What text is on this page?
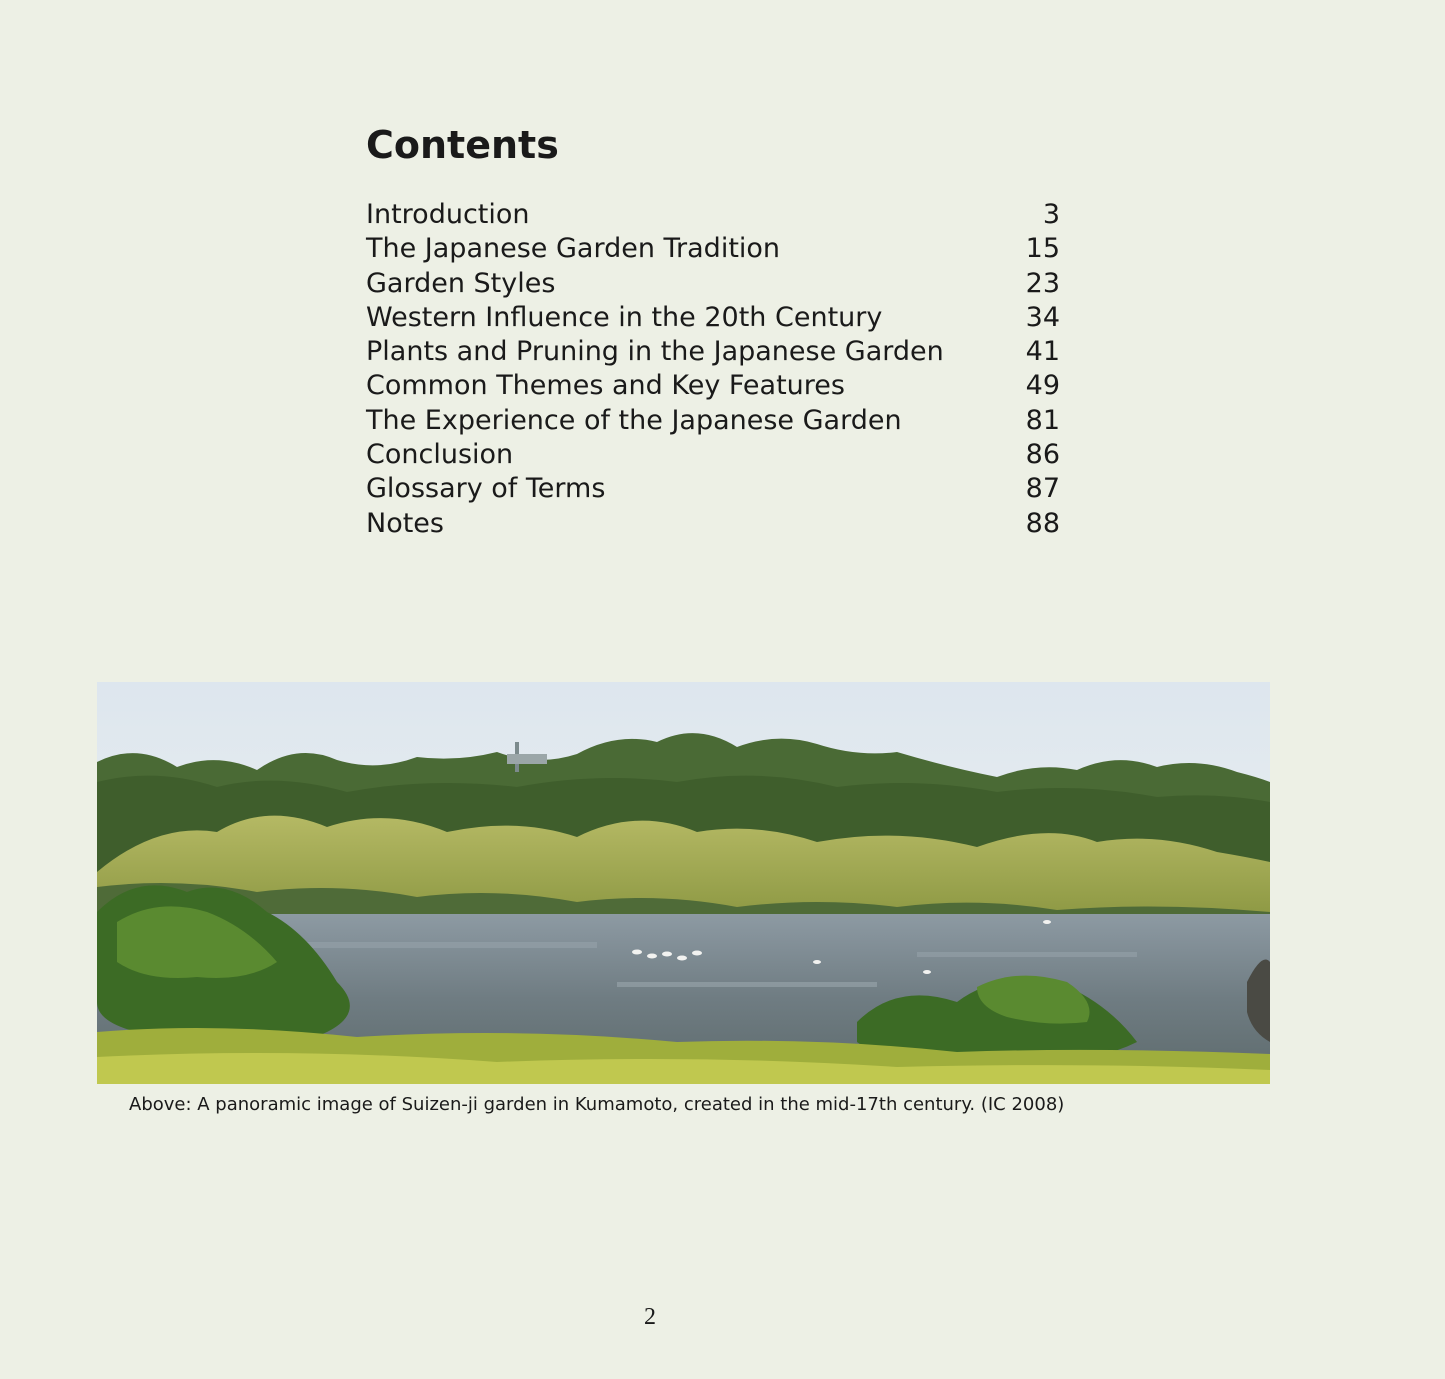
Contents
Introduction	3
The Japanese Garden Tradition	15
Garden Styles	23
Western Influence in the 20th Century	34
Plants and Pruning in the Japanese Garden	41
Common Themes and Key Features	49
The Experience of the Japanese Garden	81
Conclusion	86
Glossary of Terms	87
Notes	88
Above: A panoramic image of Suizen-ji garden in Kumamoto, created in the mid-17th century. (IC 2008)
2
